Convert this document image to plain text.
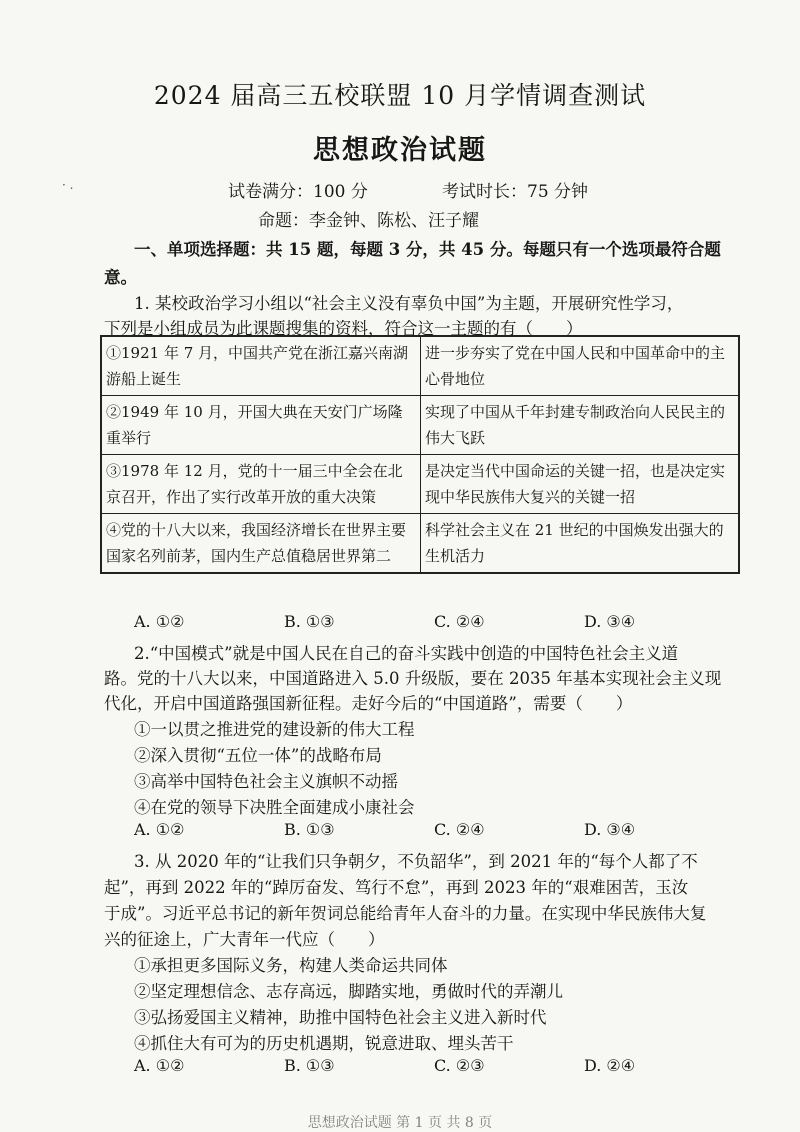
· .
2024 届高三五校联盟 10 月学情调查测试
思想政治试题
试卷满分：100 分	考试时长：75 分钟
命题：李金钟、陈松、汪子耀
一、单项选择题：共 15 题，每题 3 分，共 45 分。每题只有一个选项最符合题
意。
1. 某校政治学习小组以“社会主义没有辜负中国”为主题，开展研究性学习，
下列是小组成员为此课题搜集的资料，符合这一主题的有（　　）
①1921 年 7 月，中国共产党在浙江嘉兴南湖游船上诞生	进一步夯实了党在中国人民和中国革命中的主心骨地位
②1949 年 10 月，开国大典在天安门广场隆重举行	实现了中国从千年封建专制政治向人民民主的伟大飞跃
③1978 年 12 月，党的十一届三中全会在北京召开，作出了实行改革开放的重大决策	是决定当代中国命运的关键一招，也是决定实现中华民族伟大复兴的关键一招
④党的十八大以来，我国经济增长在世界主要国家名列前茅，国内生产总值稳居世界第二	科学社会主义在 21 世纪的中国焕发出强大的生机活力
A. ①②	B. ①③	C. ②④	D. ③④
2.“中国模式”就是中国人民在自己的奋斗实践中创造的中国特色社会主义道
路。党的十八大以来，中国道路进入 5.0 升级版，要在 2035 年基本实现社会主义现
代化，开启中国道路强国新征程。走好今后的“中国道路”，需要（　　）
①一以贯之推进党的建设新的伟大工程
②深入贯彻“五位一体”的战略布局
③高举中国特色社会主义旗帜不动摇
④在党的领导下决胜全面建成小康社会
A. ①②	B. ①③	C. ②④	D. ③④
3. 从 2020 年的“让我们只争朝夕，不负韶华”，到 2021 年的“每个人都了不
起”，再到 2022 年的“踔厉奋发、笃行不怠”，再到 2023 年的“艰难困苦，玉汝
于成”。习近平总书记的新年贺词总能给青年人奋斗的力量。在实现中华民族伟大复
兴的征途上，广大青年一代应（　　）
①承担更多国际义务，构建人类命运共同体
②坚定理想信念、志存高远，脚踏实地，勇做时代的弄潮儿
③弘扬爱国主义精神，助推中国特色社会主义进入新时代
④抓住大有可为的历史机遇期，锐意进取、埋头苦干
A. ①②	B. ①③	C. ②③	D. ②④
思想政治试题 第 1 页 共 8 页
